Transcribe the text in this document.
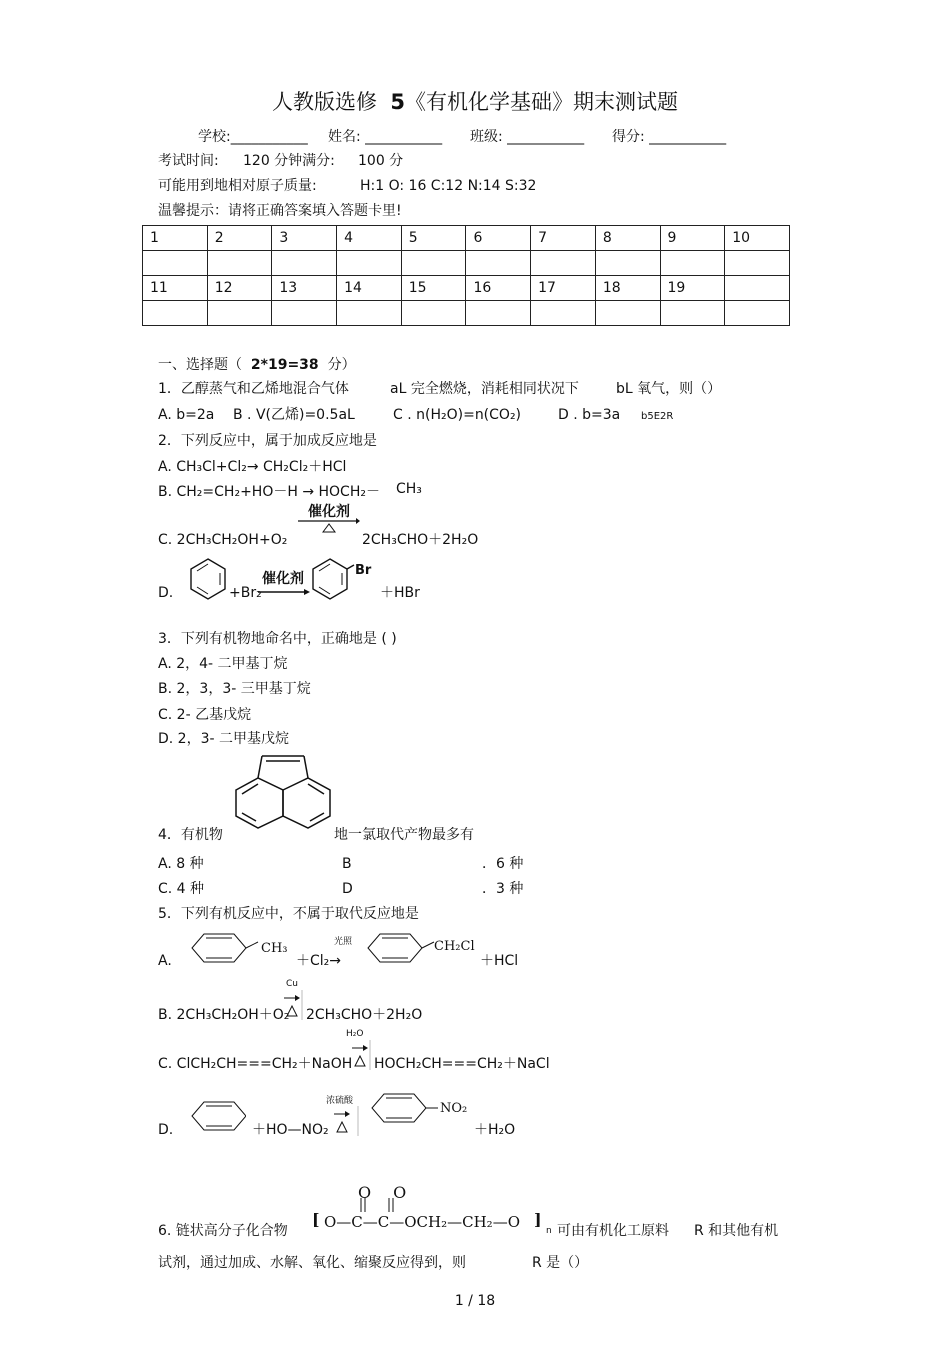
人教版选修 5《有机化学基础》期末测试题
学校:___________ 姓名: ___________ 班级: ___________ 得分: ___________
考试时间: 120 分钟满分: 100 分
可能用到地相对原子质量:	H:1 O: 16 C:12 N:14 S:32
温馨提示：请将正确答案填入答题卡里!
1	2	3	4	5	6	7	8	9	10

11	12	13	14	15	16	17	18	19	

一、选择题（ 2*19=38 分）
1．乙醇蒸气和乙烯地混合气体	aL 完全燃烧，消耗相同状况下	bL 氧气，则（）
A. b=2a B . V(乙烯)=0.5aL	C . n(H₂O)=n(CO₂)	D . b=3a b5E2R
2．下列反应中，属于加成反应地是
A. CH₃Cl+Cl₂→ CH₂Cl₂＋HCl
B. CH₂=CH₂+HO－H → HOCH₂－ CH₃
C. 2CH₃CH₂OH+O₂
催化剂
2CH₃CHO＋2H₂O
D.	+Br₂
催化剂
Br
＋HBr
3．下列有机物地命名中，正确地是 ( )
A. 2，4- 二甲基丁烷
B. 2，3，3- 三甲基丁烷
C. 2- 乙基戊烷
D. 2，3- 二甲基戊烷
4．有机物	地一氯取代产物最多有
A. 8 种	B	．6 种
C. 4 种	D	．3 种
5．下列有机反应中，不属于取代反应地是
A.
CH₃
＋Cl₂→
光照	CH₂Cl
＋HCl
B. 2CH₃CH₂OH＋O₂
Cu
2CH₃CHO＋2H₂O
C. ClCH₂CH===CH₂＋NaOH
H₂O
HOCH₂CH===CH₂＋NaCl
D.	＋HO—NO₂
浓硫酸	NO₂
＋H₂O
6. 链状高分子化合物
OO
[ O—C—C—OCH₂—CH₂—O ]
n 可由有机化工原料 R 和其他有机
试剂，通过加成、水解、氧化、缩聚反应得到，则	R 是（）
1 / 18
